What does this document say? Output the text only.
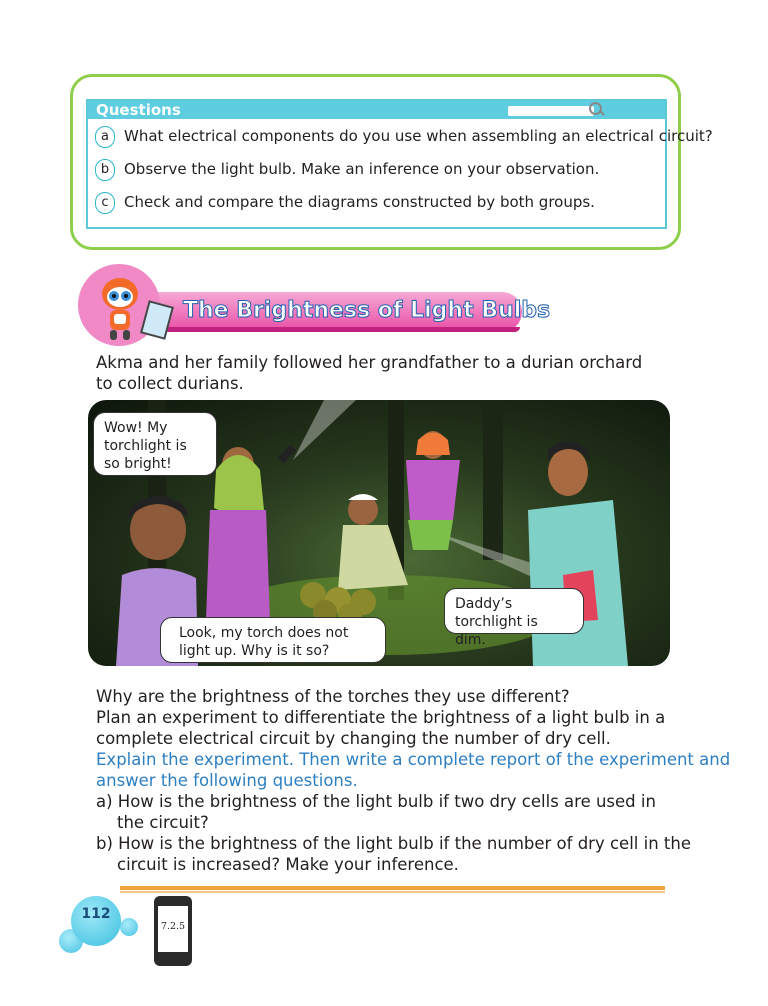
Questions
a	What electrical components do you use when assembling an electrical circuit?
b Observe the light bulb. Make an inference on your observation.
c	Check and compare the diagrams constructed by both groups.
The Brightness of Light Bulbs
Akma and her family followed her grandfather to a durian orchard to collect durians.
Wow! My torchlight is so bright!
Look, my torch does not light up. Why is it so?
Daddy’s torchlight is dim.
Why are the brightness of the torches they use different?
Plan an experiment to differentiate the brightness of a light bulb in a
complete electrical circuit by changing the number of dry cell.
Explain the experiment. Then write a complete report of the experiment and
answer the following questions.
a) How is the brightness of the light bulb if two dry cells are used in
the circuit?
b) How is the brightness of the light bulb if the number of dry cell in the
circuit is increased? Make your inference.
112
7.2.5
